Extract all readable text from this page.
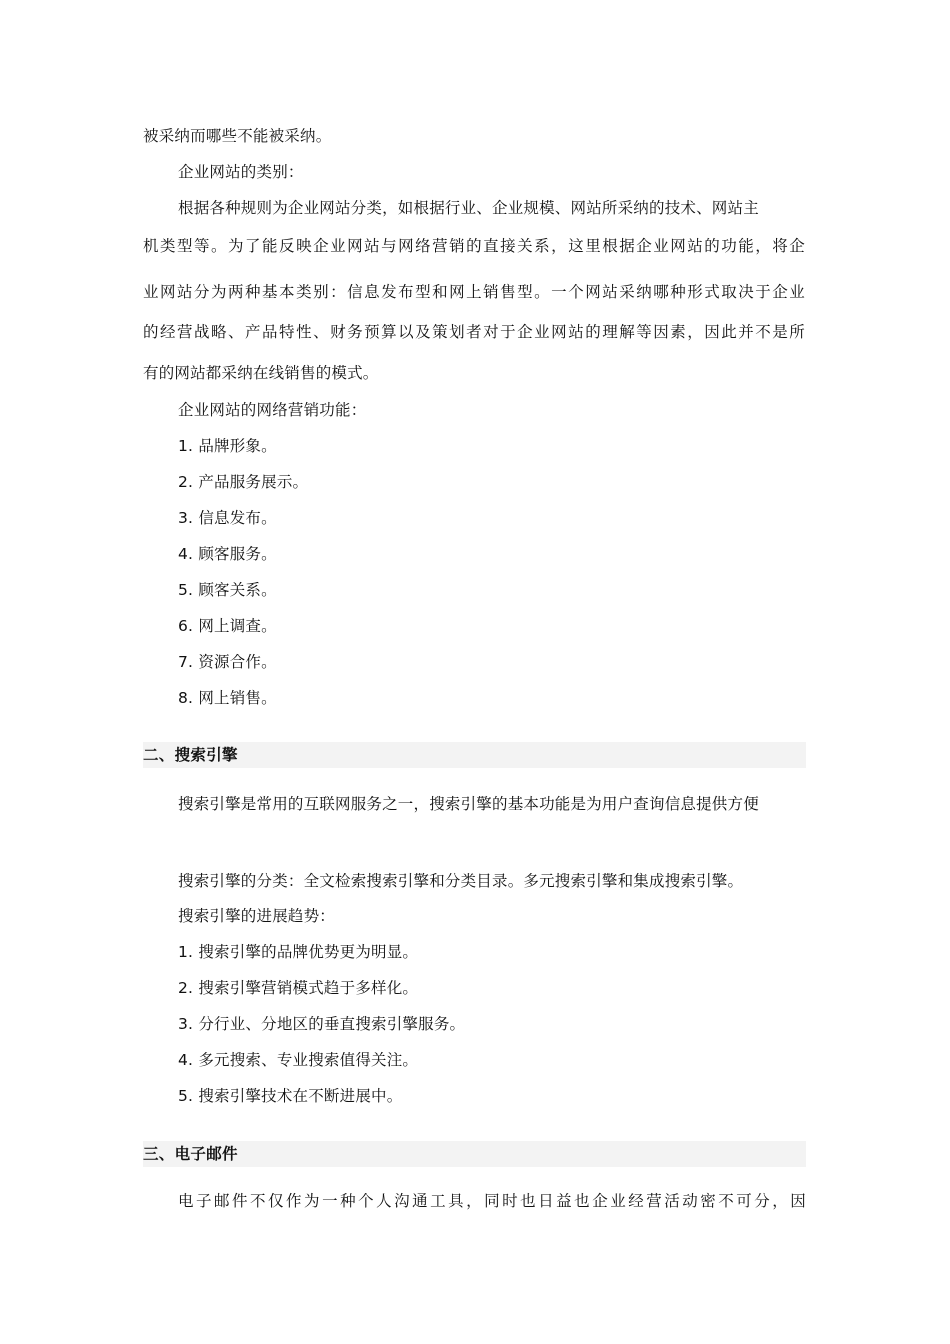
被采纳而哪些不能被采纳。
企业网站的类别：
根据各种规则为企业网站分类，如根据行业、企业规模、网站所采纳的技术、网站主
机类型等。为了能反映企业网站与网络营销的直接关系，这里根据企业网站的功能，将企
业网站分为两种基本类别：信息发布型和网上销售型。一个网站采纳哪种形式取决于企业
的经营战略、产品特性、财务预算以及策划者对于企业网站的理解等因素，因此并不是所
有的网站都采纳在线销售的模式。
企业网站的网络营销功能：
1. 品牌形象。
2. 产品服务展示。
3. 信息发布。
4. 顾客服务。
5. 顾客关系。
6. 网上调查。
7. 资源合作。
8. 网上销售。
二、搜索引擎
搜索引擎是常用的互联网服务之一，搜索引擎的基本功能是为用户查询信息提供方便
搜索引擎的分类：全文检索搜索引擎和分类目录。多元搜索引擎和集成搜索引擎。
搜索引擎的进展趋势：
1. 搜索引擎的品牌优势更为明显。
2. 搜索引擎营销模式趋于多样化。
3. 分行业、分地区的垂直搜索引擎服务。
4. 多元搜索、专业搜索值得关注。
5. 搜索引擎技术在不断进展中。
三、电子邮件
电子邮件不仅作为一种个人沟通工具，同时也日益也企业经营活动密不可分，因
